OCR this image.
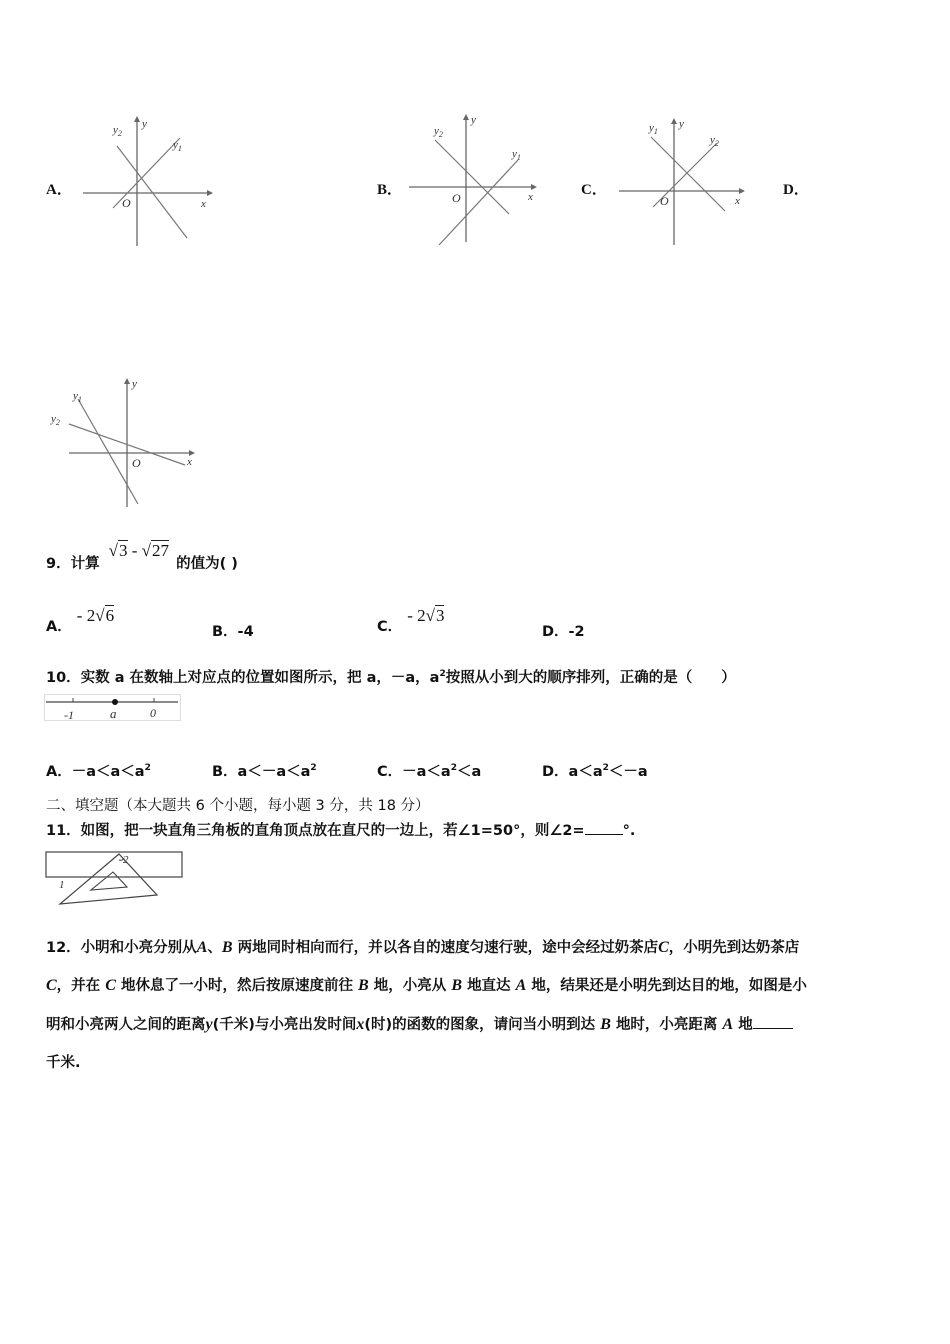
A．	B．	C．	D．
y
$y_2$
$y_1$
O	x
y
$y_2$
$y_1$
O	x
y
$y_1$
$y_2$
O	x
y
$y_1$
$y_2$
O	x
9．计算 √3 - √27 的值为( )
A． - 2√6
B．-4	C． - 2√3
D．-2
10．实数 a 在数轴上对应点的位置如图所示，把 a，－a，$a^2$按照从小到大的顺序排列，正确的是（　　）
-1	a	0
A．$-a<a<a^2$	B．$a<-a<a^2$	C．$-a<a^2<a$	D．$a<a^2<-a$
二、填空题（本大题共 6 个小题，每小题 3 分，共 18 分）
11．如图，把一块直角三角板的直角顶点放在直尺的一边上，若∠1=50°，则∠2=	°.
2
1
12．小明和小亮分别从A、B 两地同时相向而行，并以各自的速度匀速行驶，途中会经过奶茶店C，小明先到达奶茶店
C，并在 C 地休息了一小时，然后按原速度前往 B 地，小亮从 B 地直达 A 地，结果还是小明先到达目的地，如图是小
明和小亮两人之间的距离y(千米)与小亮出发时间x(时)的函数的图象，请问当小明到达 B 地时，小亮距离 A 地
千米.
